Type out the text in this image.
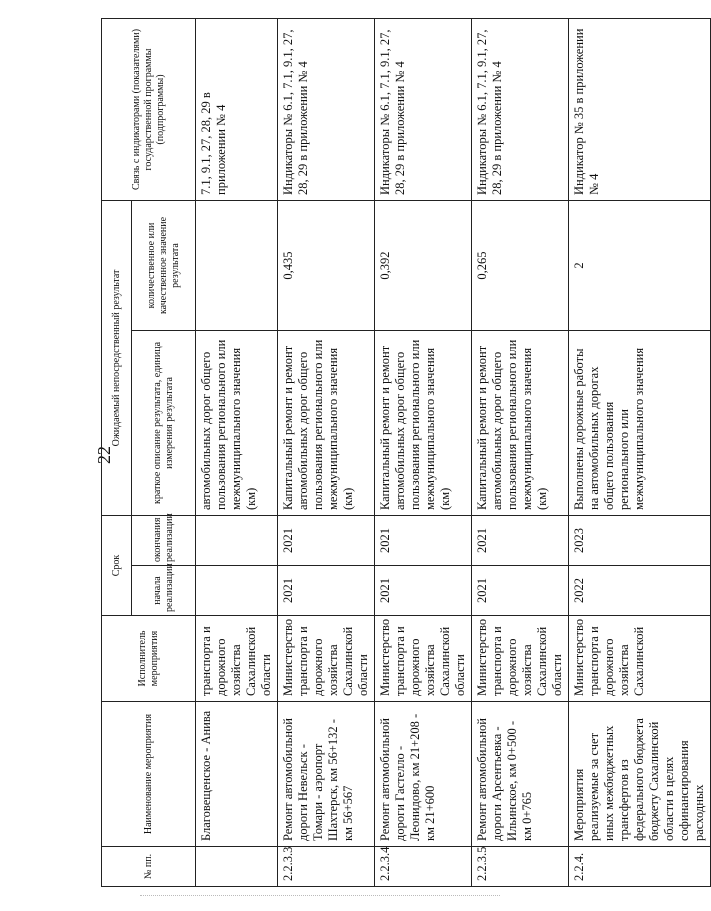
22
№ пп.	Наименование мероприятия	Исполнитель мероприятия	Срок		Ожидаемый непосредственный результат		Связь с индикаторами (показателями) государственной программы (подпрограммы)
			начала реализации	окончания реализации	краткое описание результата, единица измерения результата	количественное или качественное значение результата	
	Благовещенское - Анива	транспорта и дорожного хозяйства Сахалинской области			автомобильных дорог общего пользования регионального или межмуниципального значения (км)		7.1, 9.1, 27, 28, 29 в приложении № 4
2.2.3.3	Ремонт автомобильной дороги Невельск - Томари - аэропорт Шахтерск, км 56+132 - км 56+567	Министерство транспорта и дорожного хозяйства Сахалинской области	2021	2021	Капитальный ремонт и ремонт автомобильных дорог общего пользования регионального или межмуниципального значения (км)	0,435	Индикаторы № 6.1, 7.1, 9.1, 27, 28, 29 в приложении № 4
2.2.3.4	Ремонт автомобильной дороги Гастелло - Леонидово, км 21+208 - км 21+600	Министерство транспорта и дорожного хозяйства Сахалинской области	2021	2021	Капитальный ремонт и ремонт автомобильных дорог общего пользования регионального или межмуниципального значения (км)	0,392	Индикаторы № 6.1, 7.1, 9.1, 27, 28, 29 в приложении № 4
2.2.3.5	Ремонт автомобильной дороги Арсентьевка - Ильинское, км 0+500 - км 0+765	Министерство транспорта и дорожного хозяйства Сахалинской области	2021	2021	Капитальный ремонт и ремонт автомобильных дорог общего пользования регионального или межмуниципального значения (км)	0,265	Индикаторы № 6.1, 7.1, 9.1, 27, 28, 29 в приложении № 4
2.2.4.	Мероприятия реализуемые за счет иных межбюджетных трансфертов из федерального бюджета бюджету Сахалинской области в целях софинансирования расходных	Министерство транспорта и дорожного хозяйства Сахалинской	2022	2023	Выполнены дорожные работы на автомобильных дорогах общего пользования регионального или межмуниципального значения	2	Индикатор № 35 в приложении № 4
